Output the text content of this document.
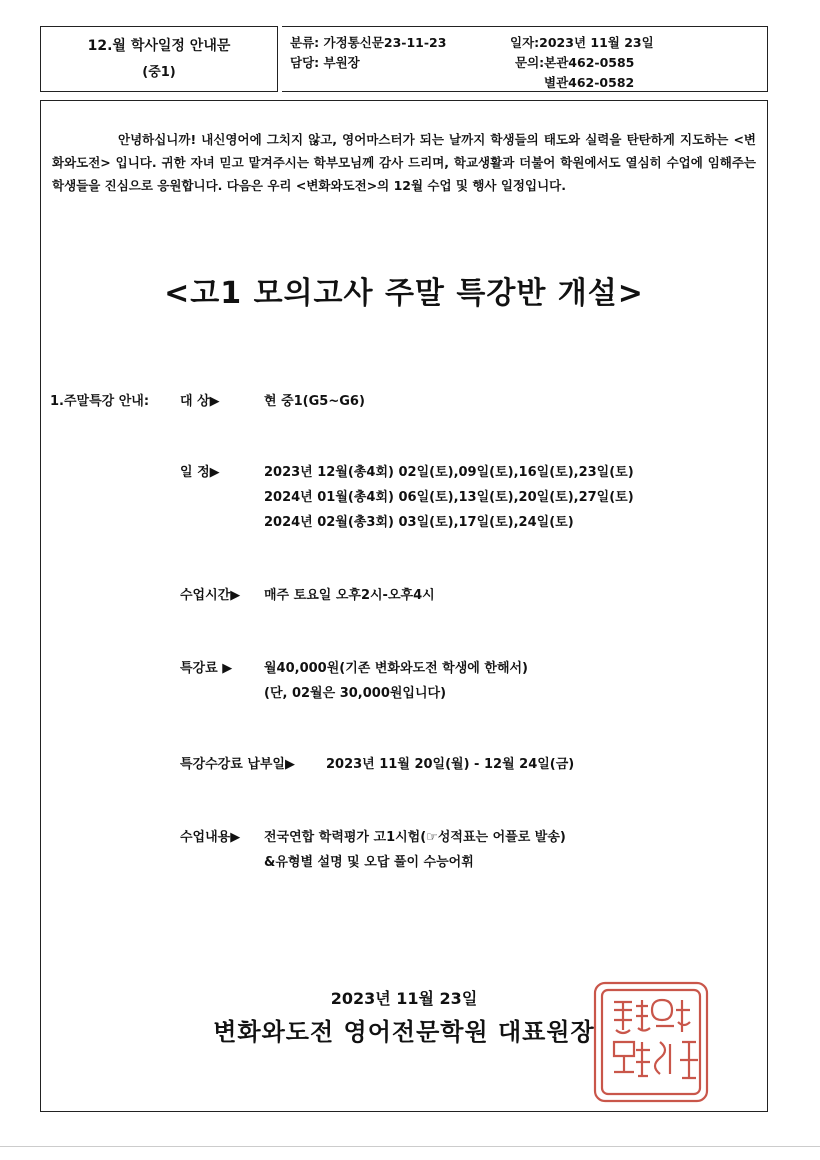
12.월 학사일정 안내문
(중1)
분류: 가정통신문23-11-23
담당: 부원장
일자:2023년 11월 23일
문의:본관462-0585
별관462-0582

안녕하십니까! 내신영어에 그치지 않고, 영어마스터가 되는 날까지 학생들의 태도와 실력을 탄탄하게 지도하는 <변화와도전> 입니다. 귀한 자녀 믿고 맡겨주시는 학부모님께 감사 드리며, 학교생활과 더불어 학원에서도 열심히 수업에 임해주는 학생들을 진심으로 응원합니다. 다음은 우리 <변화와도전>의 12월 수업 및 행사 일정입니다.

<고1 모의고사 주말 특강반 개설>
1.주말특강 안내: 대 상▶	현 중1(G5~G6)
일 정▶	2023년 12월(총4회) 02일(토),09일(토),16일(토),23일(토)
2024년 01월(총4회) 06일(토),13일(토),20일(토),27일(토)
2024년 02월(총3회) 03일(토),17일(토),24일(토)
수업시간▶ 매주 토요일 오후2시-오후4시
특강료 ▶ 월40,000원(기존 변화와도전 학생에 한해서)
(단, 02월은 30,000원입니다)
특강수강료 납부일▶ 2023년 11월 20일(월) - 12월 24일(금)
수업내용▶ 전국연합 학력평가 고1시험(☞성적표는 어플로 발송)
&유형별 설명 및 오답 풀이 수능어휘
2023년 11월 23일
변화와도전 영어전문학원 대표원장
